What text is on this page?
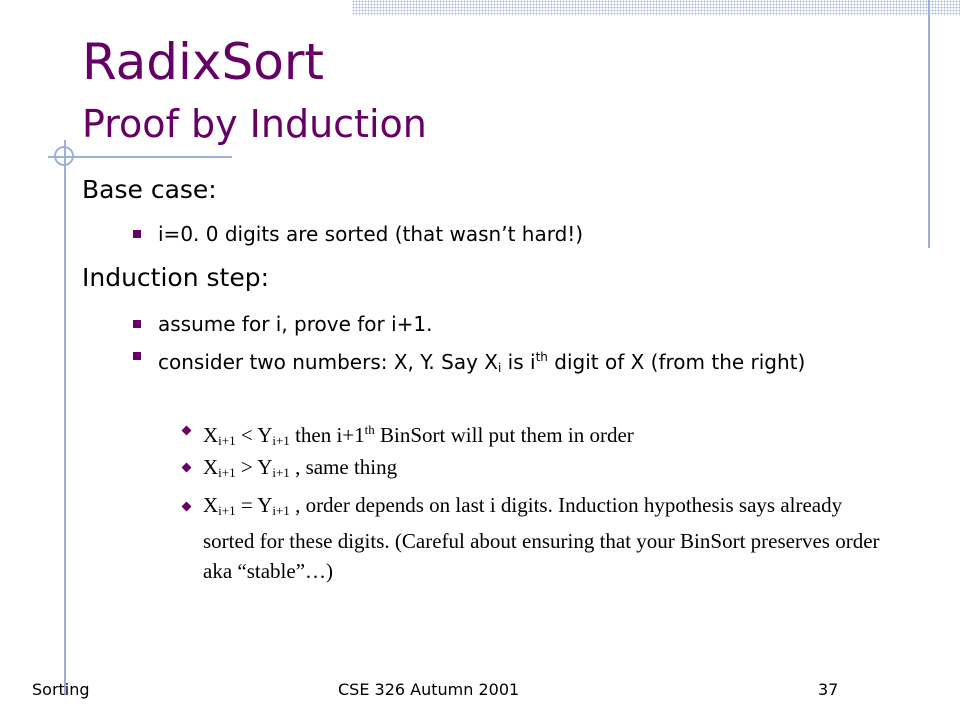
RadixSort
Proof by Induction
Base case:
i=0. 0 digits are sorted (that wasn’t hard!)
Induction step:
assume for i, prove for i+1.
consider two numbers: X, Y. Say $X_i$ is $i^{th}$ digit of X (from the right)
$X_{i+1} < Y_{i+1}$ then i+1th BinSort will put them in order
$X_{i+1} > Y_{i+1}$ , same thing
$X_{i+1} = Y_{i+1}$ , order depends on last i digits. Induction hypothesis says already sorted for these digits. (Careful about ensuring that your BinSort preserves order aka “stable”…)
Sorting	CSE 326 Autumn 2001	37
